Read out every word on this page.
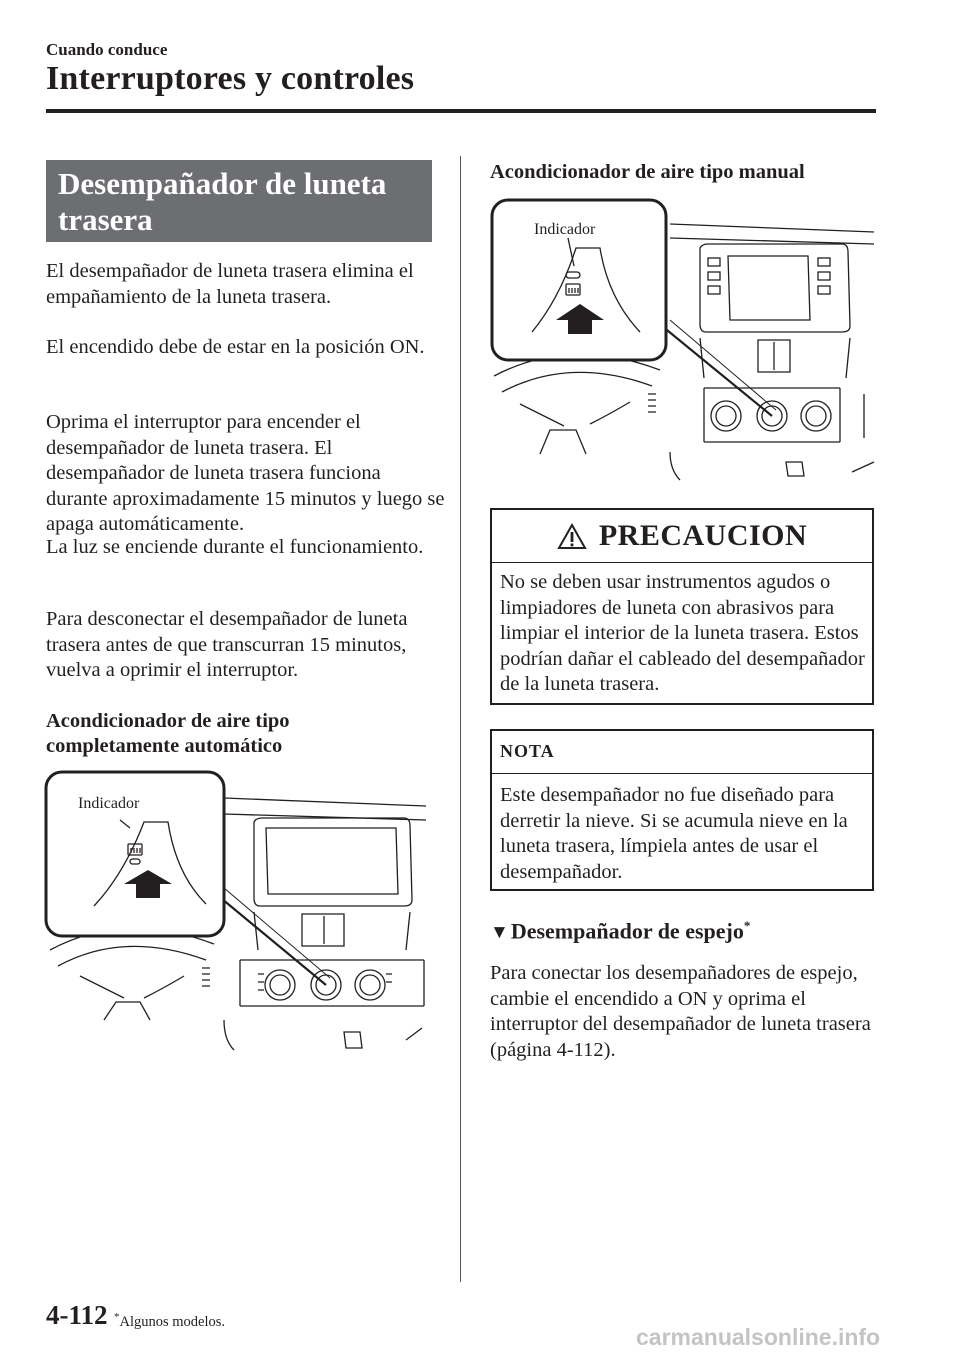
Cuando conduce
Interruptores y controles
Desempañador de luneta trasera
El desempañador de luneta trasera elimina el empañamiento de la luneta trasera.
El encendido debe de estar en la posición ON.
Oprima el interruptor para encender el desempañador de luneta trasera. El desempañador de luneta trasera funciona durante aproximadamente 15 minutos y luego se apaga automáticamente.
La luz se enciende durante el funcionamiento.
Para desconectar el desempañador de luneta trasera antes de que transcurran 15 minutos, vuelva a oprimir el interruptor.
Acondicionador de aire tipo completamente automático
Indicador
Acondicionador de aire tipo manual
Indicador
PRECAUCION
No se deben usar instrumentos agudos o limpiadores de luneta con abrasivos para limpiar el interior de la luneta trasera. Estos podrían dañar el cableado del desempañador de la luneta trasera.
NOTA
Este desempañador no fue diseñado para derretir la nieve. Si se acumula nieve en la luneta trasera, límpiela antes de usar el desempañador.
▼Desempañador de espejo*
Para conectar los desempañadores de espejo, cambie el encendido a ON y oprima el interruptor del desempañador de luneta trasera (página 4-112).
4-112 *Algunos modelos.
carmanualsonline.info
